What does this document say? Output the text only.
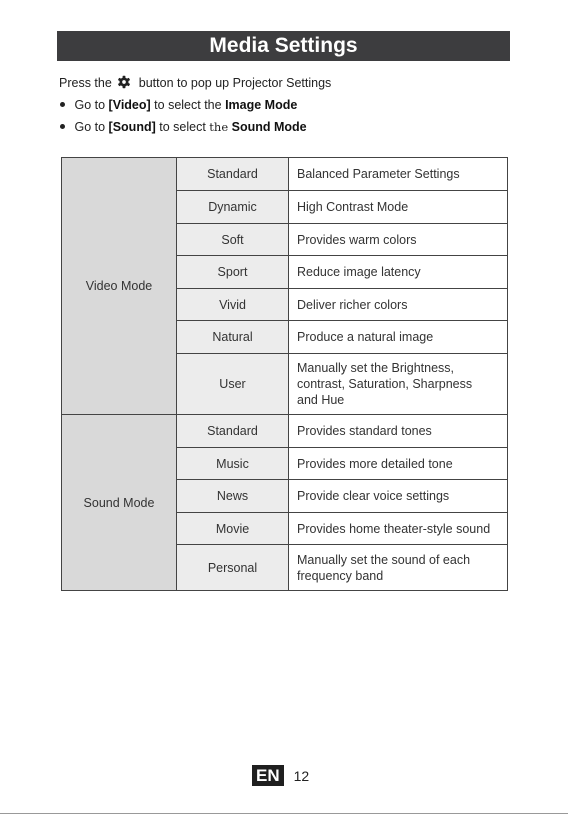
Media Settings
Press the button to pop up Projector Settings
Go to [Video] to select the Image Mode
Go to [Sound] to select the Sound Mode
Video Mode	Standard	Balanced Parameter Settings
	Dynamic	High Contrast Mode
	Soft	Provides warm colors
	Sport	Reduce image latency
	Vivid	Deliver richer colors
	Natural	Produce a natural image
	User	Manually set the Brightness,
contrast, Saturation, Sharpness
and Hue

Sound Mode	Standard	Provides standard tones
	Music	Provides more detailed tone
	News	Provide clear voice settings
	Movie	Provides home theater-style sound
	Personal	Manually set the sound of each
frequency band
EN 12
